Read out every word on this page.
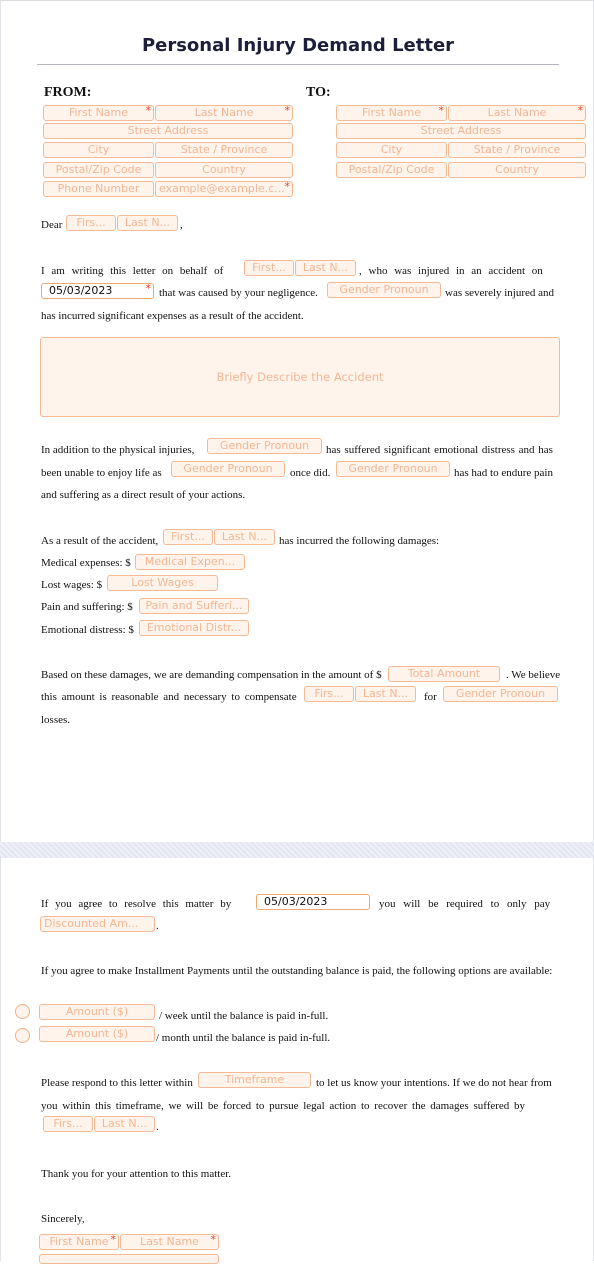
Personal Injury Demand Letter
FROM:
First Name *	Last Name *
Street Address
City	State / Province
Postal/Zip Code	Country
Phone Number	example@example.c... *
TO:
First Name *	Last Name *
Street Address
City	State / Province
Postal/Zip Code	Country
Dear	Firs...	Last N... ,
I am writing this letter on behalf of	First...	Last N... , who was injured in an accident on
05/03/2023 *	that was caused by your negligence.	Gender Pronoun	was severely injured and
has incurred significant expenses as a result of the accident.
Briefly Describe the Accident
In addition to the physical injuries,	Gender Pronoun	has suffered significant emotional distress and has
been unable to enjoy life as	Gender Pronoun	once did.	Gender Pronoun	has had to endure pain
and suffering as a direct result of your actions.
As a result of the accident,	First...	Last N...	has incurred the following damages:
Medical expenses: $	Medical Expen...
Lost wages: $	Lost Wages
Pain and suffering: $	Pain and Sufferi...
Emotional distress: $	Emotional Distr...
Based on these damages, we are demanding compensation in the amount of $	Total Amount	. We believe
this amount is reasonable and necessary to compensate	Firs...	Last N...	for	Gender Pronoun
losses.
If you agree to resolve this matter by	05/03/2023	you will be required to only pay
Discounted Am...	.
If you agree to make Installment Payments until the outstanding balance is paid, the following options are available:
Amount ($)	/ week until the balance is paid in-full.
Amount ($)	/ month until the balance is paid in-full.
Please respond to this letter within	Timeframe	to let us know your intentions. If we do not hear from
you within this timeframe, we will be forced to pursue legal action to recover the damages suffered by
Firs...	Last N... .
Thank you for your attention to this matter.
Sincerely,
First Name *	Last Name *
